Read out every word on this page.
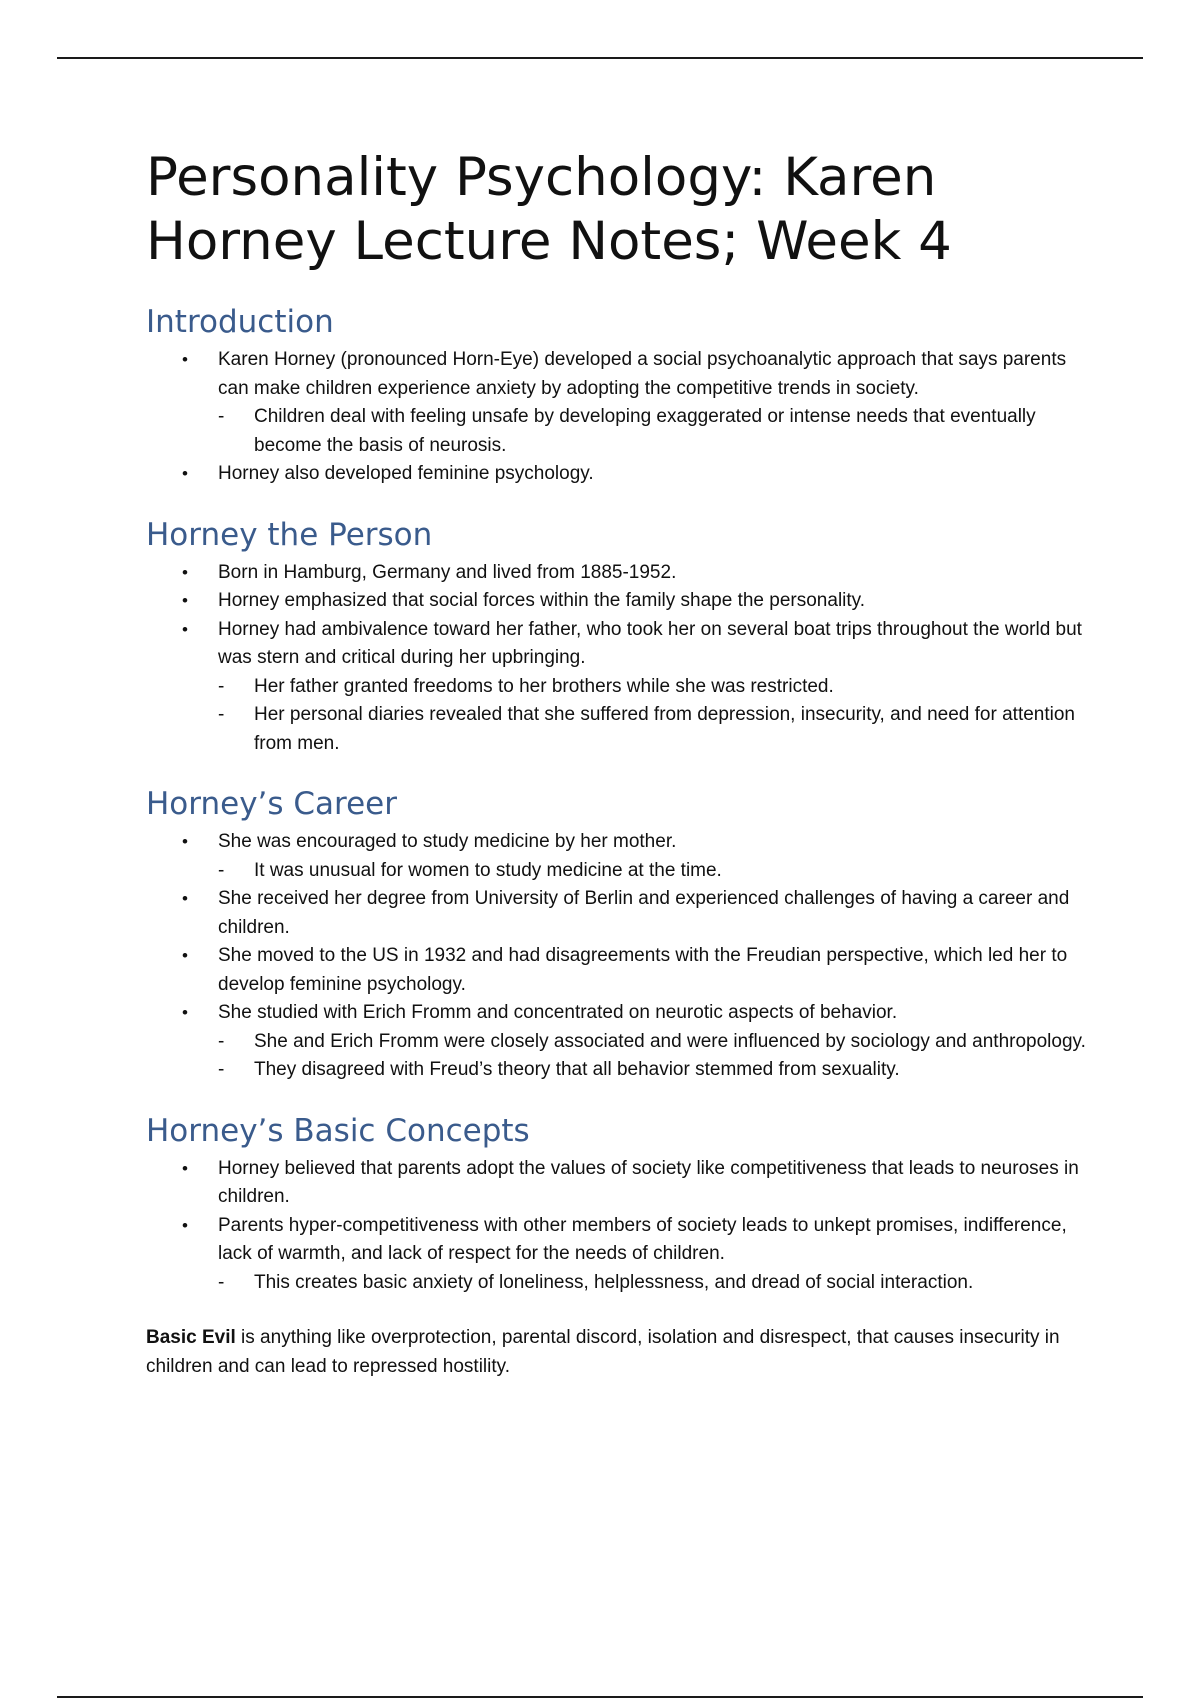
Personality Psychology: Karen Horney Lecture Notes; Week 4
Introduction
• Karen Horney (pronounced Horn-Eye) developed a social psychoanalytic approach that says parents can make children experience anxiety by adopting the competitive trends in society.
- Children deal with feeling unsafe by developing exaggerated or intense needs that eventually become the basis of neurosis.
• Horney also developed feminine psychology.
Horney the Person
• Born in Hamburg, Germany and lived from 1885-1952.
• Horney emphasized that social forces within the family shape the personality.
• Horney had ambivalence toward her father, who took her on several boat trips throughout the world but was stern and critical during her upbringing.
- Her father granted freedoms to her brothers while she was restricted.
- Her personal diaries revealed that she suffered from depression, insecurity, and need for attention from men.
Horney’s Career
• She was encouraged to study medicine by her mother.
- It was unusual for women to study medicine at the time.
• She received her degree from University of Berlin and experienced challenges of having a career and children.
• She moved to the US in 1932 and had disagreements with the Freudian perspective, which led her to develop feminine psychology.
• She studied with Erich Fromm and concentrated on neurotic aspects of behavior.
- She and Erich Fromm were closely associated and were influenced by sociology and anthropology.
- They disagreed with Freud’s theory that all behavior stemmed from sexuality.
Horney’s Basic Concepts
• Horney believed that parents adopt the values of society like competitiveness that leads to neuroses in children.
• Parents hyper-competitiveness with other members of society leads to unkept promises, indifference, lack of warmth, and lack of respect for the needs of children.
- This creates basic anxiety of loneliness, helplessness, and dread of social interaction.

Basic Evil is anything like overprotection, parental discord, isolation and disrespect, that causes insecurity in children and can lead to repressed hostility.
